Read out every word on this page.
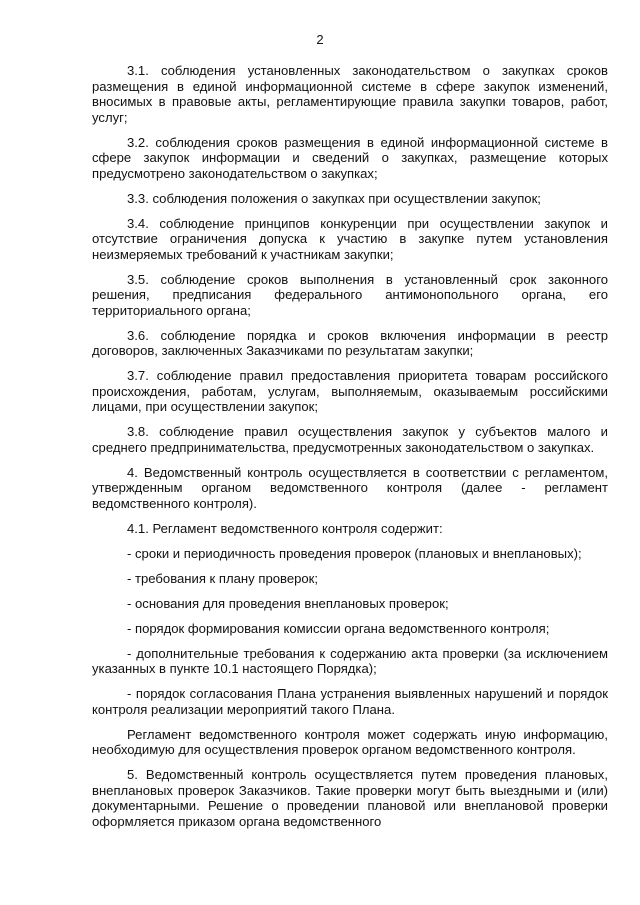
2

3.1. соблюдения установленных законодательством о закупках сроков размещения в единой информационной системе в сфере закупок изменений, вносимых в правовые акты, регламентирующие правила закупки товаров, работ, услуг;

3.2. соблюдения сроков размещения в единой информационной системе в сфере закупок информации и сведений о закупках, размещение которых предусмотрено законодательством о закупках;

3.3. соблюдения положения о закупках при осуществлении закупок;

3.4. соблюдение принципов конкуренции при осуществлении закупок и отсутствие ограничения допуска к участию в закупке путем установления неизмеряемых требований к участникам закупки;

3.5. соблюдение сроков выполнения в установленный срок законного решения, предписания федерального антимонопольного органа, его территориального органа;

3.6. соблюдение порядка и сроков включения информации в реестр договоров, заключенных Заказчиками по результатам закупки;

3.7. соблюдение правил предоставления приоритета товарам российского происхождения, работам, услугам, выполняемым, оказываемым российскими лицами, при осуществлении закупок;

3.8. соблюдение правил осуществления закупок у субъектов малого и среднего предпринимательства, предусмотренных законодательством о закупках.

4. Ведомственный контроль осуществляется в соответствии с регламентом, утвержденным органом ведомственного контроля (далее - регламент ведомственного контроля).

4.1. Регламент ведомственного контроля содержит:

- сроки и периодичность проведения проверок (плановых и внеплановых);

- требования к плану проверок;

- основания для проведения внеплановых проверок;

- порядок формирования комиссии органа ведомственного контроля;

- дополнительные требования к содержанию акта проверки (за исключением указанных в пункте 10.1 настоящего Порядка);

- порядок согласования Плана устранения выявленных нарушений и порядок контроля реализации мероприятий такого Плана.

Регламент ведомственного контроля может содержать иную информацию, необходимую для осуществления проверок органом ведомственного контроля.

5. Ведомственный контроль осуществляется путем проведения плановых, внеплановых проверок Заказчиков. Такие проверки могут быть выездными и (или) документарными. Решение о проведении плановой или внеплановой проверки оформляется приказом органа ведомственного
